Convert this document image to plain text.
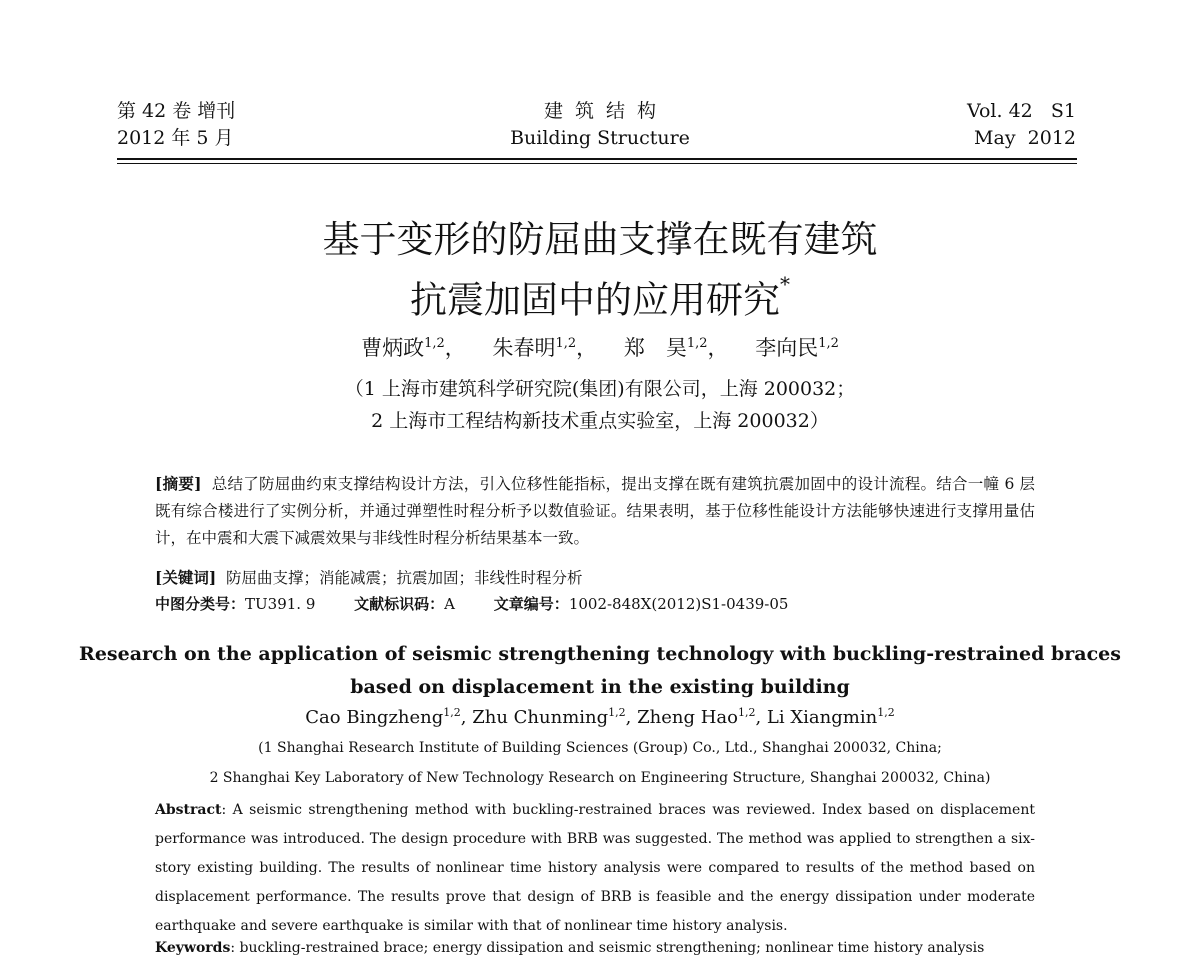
第 42 卷 增刊
2012 年 5 月
建筑结构
Building Structure
Vol. 42   S1
May  2012
基于变形的防屈曲支撑在既有建筑
抗震加固中的应用研究*
曹炳政$^{1,2}$， 朱春明$^{1,2}$， 郑　昊$^{1,2}$， 李向民$^{1,2}$
（1 上海市建筑科学研究院(集团)有限公司，上海 200032；
2 上海市工程结构新技术重点实验室，上海 200032）
[摘要] 总结了防屈曲约束支撑结构设计方法，引入位移性能指标，提出支撑在既有建筑抗震加固中的设计流程。结合一幢 6 层既有综合楼进行了实例分析，并通过弹塑性时程分析予以数值验证。结果表明，基于位移性能设计方法能够快速进行支撑用量估计，在中震和大震下减震效果与非线性时程分析结果基本一致。
[关键词] 防屈曲支撑；消能减震；抗震加固；非线性时程分析
中图分类号：TU391. 9	文献标识码：A	文章编号：1002-848X(2012)S1-0439-05
Research on the application of seismic strengthening technology with buckling-restrained braces
based on displacement in the existing building
Cao Bingzheng$^{1,2}$, Zhu Chunming$^{1,2}$, Zheng Hao$^{1,2}$, Li Xiangmin$^{1,2}$
(1 Shanghai Research Institute of Building Sciences (Group) Co., Ltd., Shanghai 200032, China;
2 Shanghai Key Laboratory of New Technology Research on Engineering Structure, Shanghai 200032, China)
Abstract: A seismic strengthening method with buckling-restrained braces was reviewed. Index based on displacement performance was introduced. The design procedure with BRB was suggested. The method was applied to strengthen a six-story existing building. The results of nonlinear time history analysis were compared to results of the method based on displacement performance. The results prove that design of BRB is feasible and the energy dissipation under moderate earthquake and severe earthquake is similar with that of nonlinear time history analysis.
Keywords: buckling-restrained brace; energy dissipation and seismic strengthening; nonlinear time history analysis
